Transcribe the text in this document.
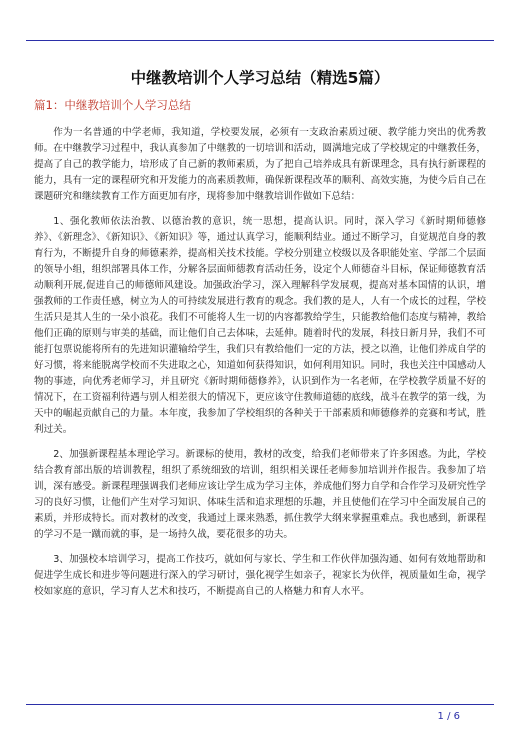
中继教培训个人学习总结（精选5篇）
篇1：中继教培训个人学习总结

作为一名普通的中学老师，我知道，学校要发展，必须有一支政治素质过硬、教学能力突出的优秀教师。在中继教学习过程中，我认真参加了中继教的一切培训和活动，圆满地完成了学校规定的中继教任务，提高了自己的教学能力，培形成了自己新的教师素质，为了把自己培养成具有新课理念，具有执行新课程的能力，具有一定的课程研究和开发能力的高素质教师，确保新课程改革的顺利、高效实施，为使今后自己在课题研究和继续教育工作方面更加有序，现将参加中继教培训作做如下总结：

1、强化教师依法治教、以德治教的意识，统一思想，提高认识。同时，深入学习《新时期师德修养》、《新理念》、《新知识》、《新知识》等，通过认真学习，能顺利结业。通过不断学习，自觉规范自身的教育行为，不断提升自身的师德素养，提高相关技术技能。学校分别建立校级以及各职能处室、学部二个层面的领导小组，组织部署具体工作，分解各层面师德教育活动任务，设定个人师德奋斗目标，保证师德教育活动顺利开展,促进自己的师德师风建设。加强政治学习，深入理解科学发展观，提高对基本国情的认识，增强教师的工作责任感，树立为人的可持续发展进行教育的观念。我们教的是人，人有一个成长的过程，学校生活只是其人生的一朵小浪花。我们不可能将人生一切的内容都教给学生，只能教给他们态度与精神，教给他们正确的原则与审美的基础，而让他们自己去体味，去延伸。随着时代的发展，科技日新月异，我们不可能打包票说能将所有的先进知识灌输给学生，我们只有教给他们一定的方法，授之以渔，让他们养成自学的好习惯，将来能脱离学校而不失进取之心，知道如何获得知识，如何利用知识。同时，我也关注中国感动人物的事迹，向优秀老师学习，并且研究《新时期师德修养》，认识到作为一名老师，在学校教学质量不好的情况下，在工资福利待遇与别人相差很大的情况下，更应该守住教师道德的底线，战斗在教学的第一线，为天中的崛起贡献自己的力量。本年度，我参加了学校组织的各种关于干部素质和师德修养的竞赛和考试，胜利过关。

2、加强新课程基本理论学习。新课标的使用，教材的改变，给我们老师带来了许多困惑。为此，学校结合教育部出版的培训教程，组织了系统细致的培训，组织相关课任老师参加培训并作报告。我参加了培训，深有感受。新课程理强调我们老师应该让学生成为学习主体，养成他们努力自学和合作学习及研究性学习的良好习惯，让他们产生对学习知识、体味生活和追求理想的乐趣，并且使他们在学习中全面发展自己的素质，并形成特长。而对教材的改变，我通过上课来熟悉，抓住教学大纲来掌握重难点。我也感到，新课程的学习不是一蹴而就的事，是一场持久战，要花很多的功夫。

3、加强校本培训学习，提高工作技巧，就如何与家长、学生和工作伙伴加强沟通、如何有效地帮助和促进学生成长和进步等问题进行深入的学习研讨，强化视学生如亲子，视家长为伙伴，视质量如生命，视学校如家庭的意识，学习育人艺术和技巧，不断提高自己的人格魅力和育人水平。

1 / 6
